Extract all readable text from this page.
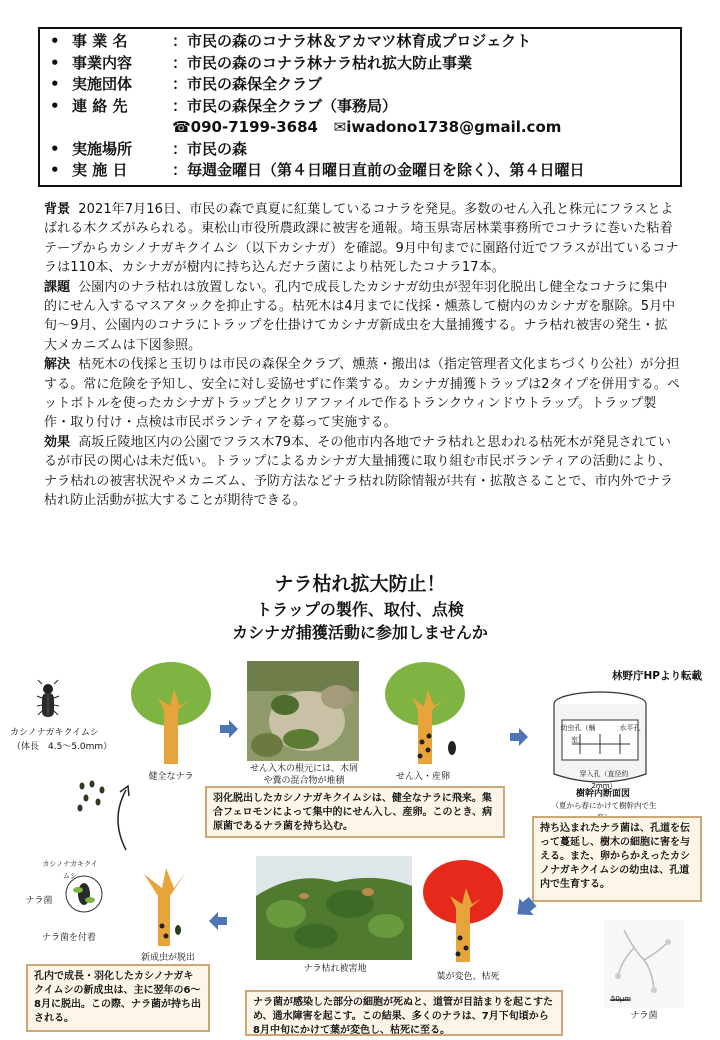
• 事 業 名	：市民の森のコナラ林＆アカマツ林育成プロジェクト
• 事業内容	：市民の森のコナラ林ナラ枯れ拡大防止事業
• 実施団体	：市民の森保全クラブ
• 連 絡 先	：市民の森保全クラブ（事務局）
☎090-7199-3684 ✉iwadono1738@gmail.com
• 実施場所	：市民の森
• 実 施 日	：毎週金曜日（第４日曜日直前の金曜日を除く）、第４日曜日

背景 2021年7月16日、市民の森で真夏に紅葉しているコナラを発見。多数のせん入孔と株元にフラスとよばれる木クズがみられる。東松山市役所農政課に被害を通報。埼玉県寄居林業事務所でコナラに巻いた粘着テープからカシノナガキクイムシ（以下カシナガ）を確認。9月中旬までに園路付近でフラスが出ているコナラは110本、カシナガが樹内に持ち込んだナラ菌により枯死したコナラ17本。

課題 公園内のナラ枯れは放置しない。孔内で成長したカシナガ幼虫が翌年羽化脱出し健全なコナラに集中的にせん入するマスアタックを抑止する。枯死木は4月までに伐採・燻蒸して樹内のカシナガを駆除。5月中旬〜9月、公園内のコナラにトラップを仕掛けてカシナガ新成虫を大量捕獲する。ナラ枯れ被害の発生・拡大メカニズムは下図参照。

解決 枯死木の伐採と玉切りは市民の森保全クラブ、燻蒸・搬出は（指定管理者文化まちづくり公社）が分担する。常に危険を予知し、安全に対し妥協せずに作業する。カシナガ捕獲トラップは2タイプを併用する。ペットボトルを使ったカシナガトラップとクリアファイルで作るトランクウィンドウトラップ。トラップ製作・取り付け・点検は市民ボランティアを募って実施する。

効果 高坂丘陵地区内の公園でフラス木79本、その他市内各地でナラ枯れと思われる枯死木が発見されているが市民の関心は未だ低い。トラップによるカシナガ大量捕獲に取り組む市民ボランティアの活動により、ナラ枯れの被害状況やメカニズム、予防方法などナラ枯れ防除情報が共有・拡散さることで、市内外でナラ枯れ防止活動が拡大することが期待できる。

ナラ枯れ拡大防止！
トラップの製作、取付、点検
カシナガ捕獲活動に参加しませんか
林野庁HPより転載
カシノナガキクイムシ
（体長　4.5〜5.0mm）
健全なナラ
せん入木の根元には、木屑や糞の混合物が堆積	せん入・産卵
幼虫孔（蛹室）
水平孔
穿入孔（直径約2mm）
樹幹内断面図
（夏から春にかけて樹幹内で生
羽化脱出したカシノナガキクイムシは、健全なナラに飛来。集合フェロモンによって集中的にせん入し、産卵。このとき、病原菌であるナラ菌を持ち込む。	持ち込まれたナラ菌は、孔道を伝って蔓延し、樹木の細胞に害を与える。また、卵からかえったカシノナガキクイムシの幼虫は、孔道内で生育する。
カシノナガキクイムシ
ナラ菌
ナラ菌を付着
新成虫が脱出
ナラ枯れ被害地
葉が変色、枯死
50μm
ナラ菌
孔内で成長・羽化したカシノナガキクイムシの新成虫は、主に翌年の6〜8月に脱出。この際、ナラ菌が持ち出される。
ナラ菌が感染した部分の細胞が死ぬと、道管が目詰まりを起こすため、通水障害を起こす。この結果、多くのナラは、7月下旬頃から8月中旬にかけて葉が変色し、枯死に至る。
